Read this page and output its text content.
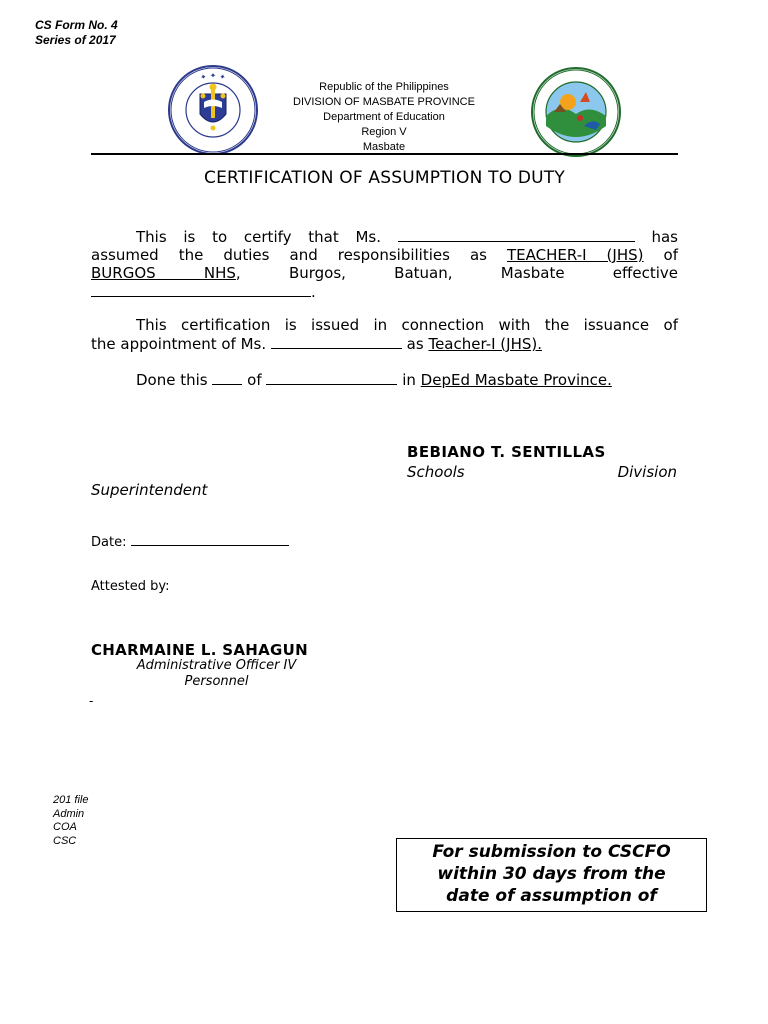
CS Form No. 4
Series of 2017
✦ ✦ ✦
Republic of the Philippines
DIVISION OF MASBATE PROVINCE
Department of Education
Region V
Masbate
CERTIFICATION OF ASSUMPTION TO DUTY
This is to certify that Ms.	has
assumed the duties and responsibilities as TEACHER-I (JHS) of
BURGOS NHS, Burgos, Batuan, Masbate effective
.
This certification is issued in connection with the issuance of
the appointment of Ms.	as Teacher-I (JHS).
Done this	of	in DepEd Masbate Province.
BEBIANO T. SENTILLAS
Schools Division
Superintendent
Date:
Attested by:
CHARMAINE L. SAHAGUN
Administrative Officer IV
Personnel
-
201 file
Admin
COA
CSC
For submission to CSCFO
within 30 days from the
date of assumption of
